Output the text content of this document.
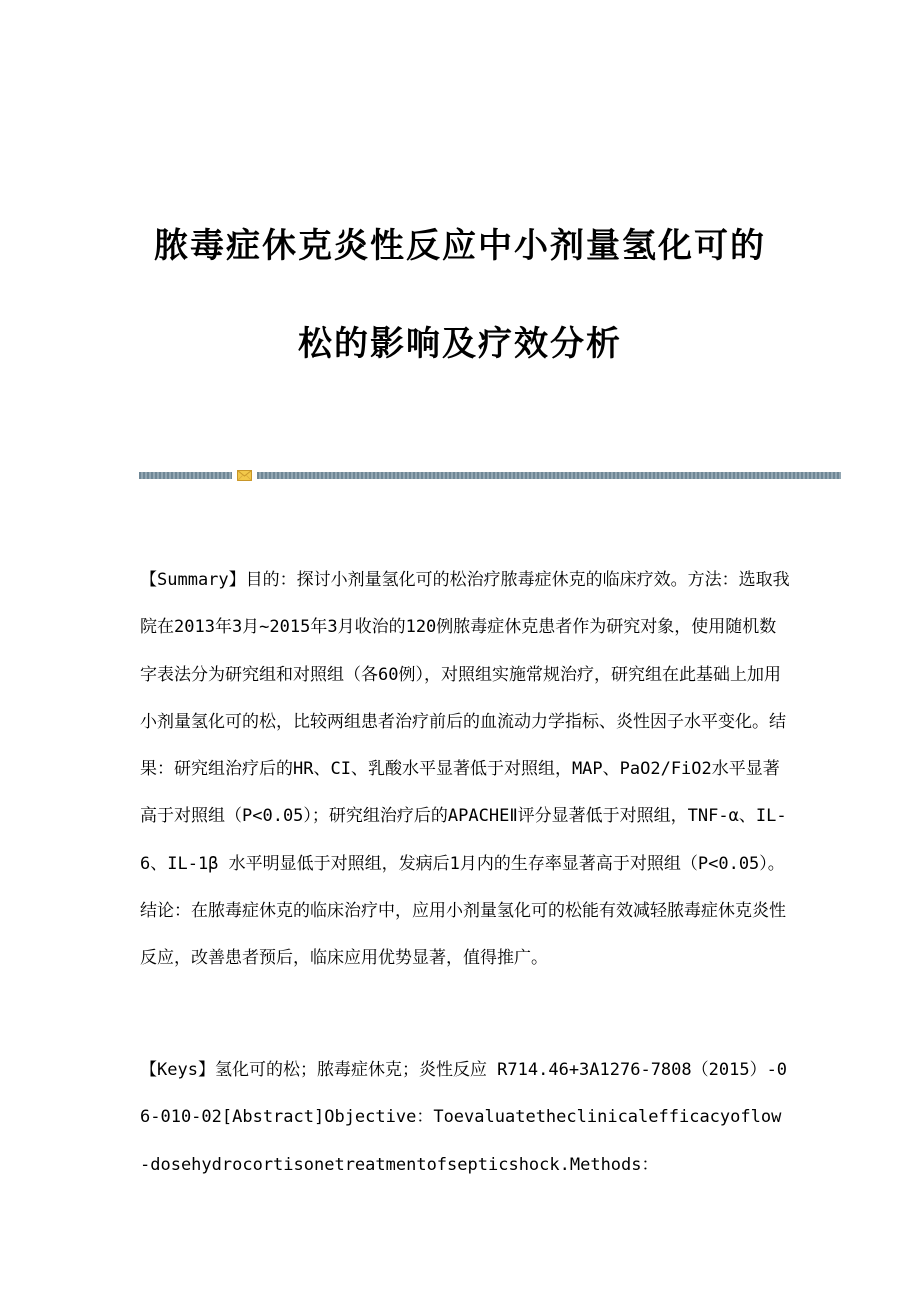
脓毒症休克炎性反应中小剂量氢化可的
松的影响及疗效分析

【Summary】目的：探讨小剂量氢化可的松治疗脓毒症休克的临床疗效。方法：选取我院在2013年3月~2015年3月收治的120例脓毒症休克患者作为研究对象，使用随机数字表法分为研究组和对照组（各60例），对照组实施常规治疗，研究组在此基础上加用小剂量氢化可的松，比较两组患者治疗前后的血流动力学指标、炎性因子水平变化。结果：研究组治疗后的HR、CI、乳酸水平显著低于对照组，MAP、PaO2/FiO2水平显著高于对照组（P<0.05）；研究组治疗后的APACHEⅡ评分显著低于对照组，TNF-α、IL-6、IL-1β 水平明显低于对照组，发病后1月内的生存率显著高于对照组（P<0.05）。结论：在脓毒症休克的临床治疗中，应用小剂量氢化可的松能有效减轻脓毒症休克炎性反应，改善患者预后，临床应用优势显著，值得推广。

【Keys】氢化可的松；脓毒症休克；炎性反应 R714.46+3A1276-7808（2015）-06-010-02[Abstract]Objective：Toevaluatetheclinicalefficacyoflow-dosehydrocortisonetreatmentofsepticshock.Methods：
